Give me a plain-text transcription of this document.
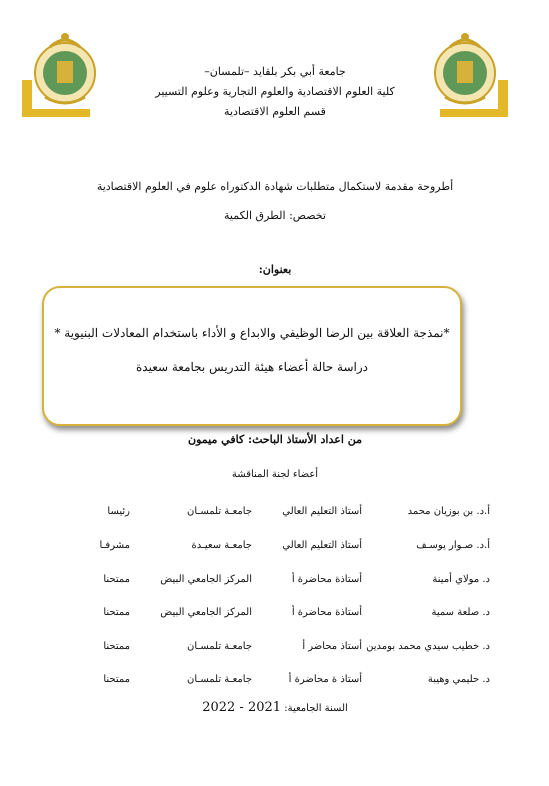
جامعة أبي بكر بلقايد –تلمسان–
كلية العلوم الاقتصادية والعلوم التجارية وعلوم التسيير
قسم العلوم الاقتصادية
أطروحة مقدمة لاستكمال متطلبات شهادة الدكتوراه علوم في العلوم الاقتصادية
تخصص: الطرق الكمية
بعنوان:
*نمذجة العلاقة بين الرضا الوظيفي والابداع و الأداء باستخدام المعادلات البنيوية *
دراسة حالة أعضاء هيئة التدريس بجامعة سعيدة
من اعداد الأستاذ الباحث: كافي ميمون
أعضاء لجنة المناقشة
أ.د. بن بوزيان محمد
أستاذ التعليم العالي
جامعـة تلمسـان
رئيسا
أ.د. صـوار يوسـف
أستاذ التعليم العالي
جامعـة سعيـدة
مشرفـا
د. مولاي أمينة
أستاذة محاضرة أ
المركز الجامعي البيض
ممتحنا
د. صلعة سمية
أستاذة محاضرة أ
المركز الجامعي البيض
ممتحنا
د. خطيب سيدي محمد بومدين
أستاذ محاضر أ
جامعـة تلمسـان
ممتحنا
د. حليمي وهيبة
أستاذ ة محاضرة أ
جامعـة تلمسـان
ممتحنا
السنة الجامعية: 2021 - 2022
